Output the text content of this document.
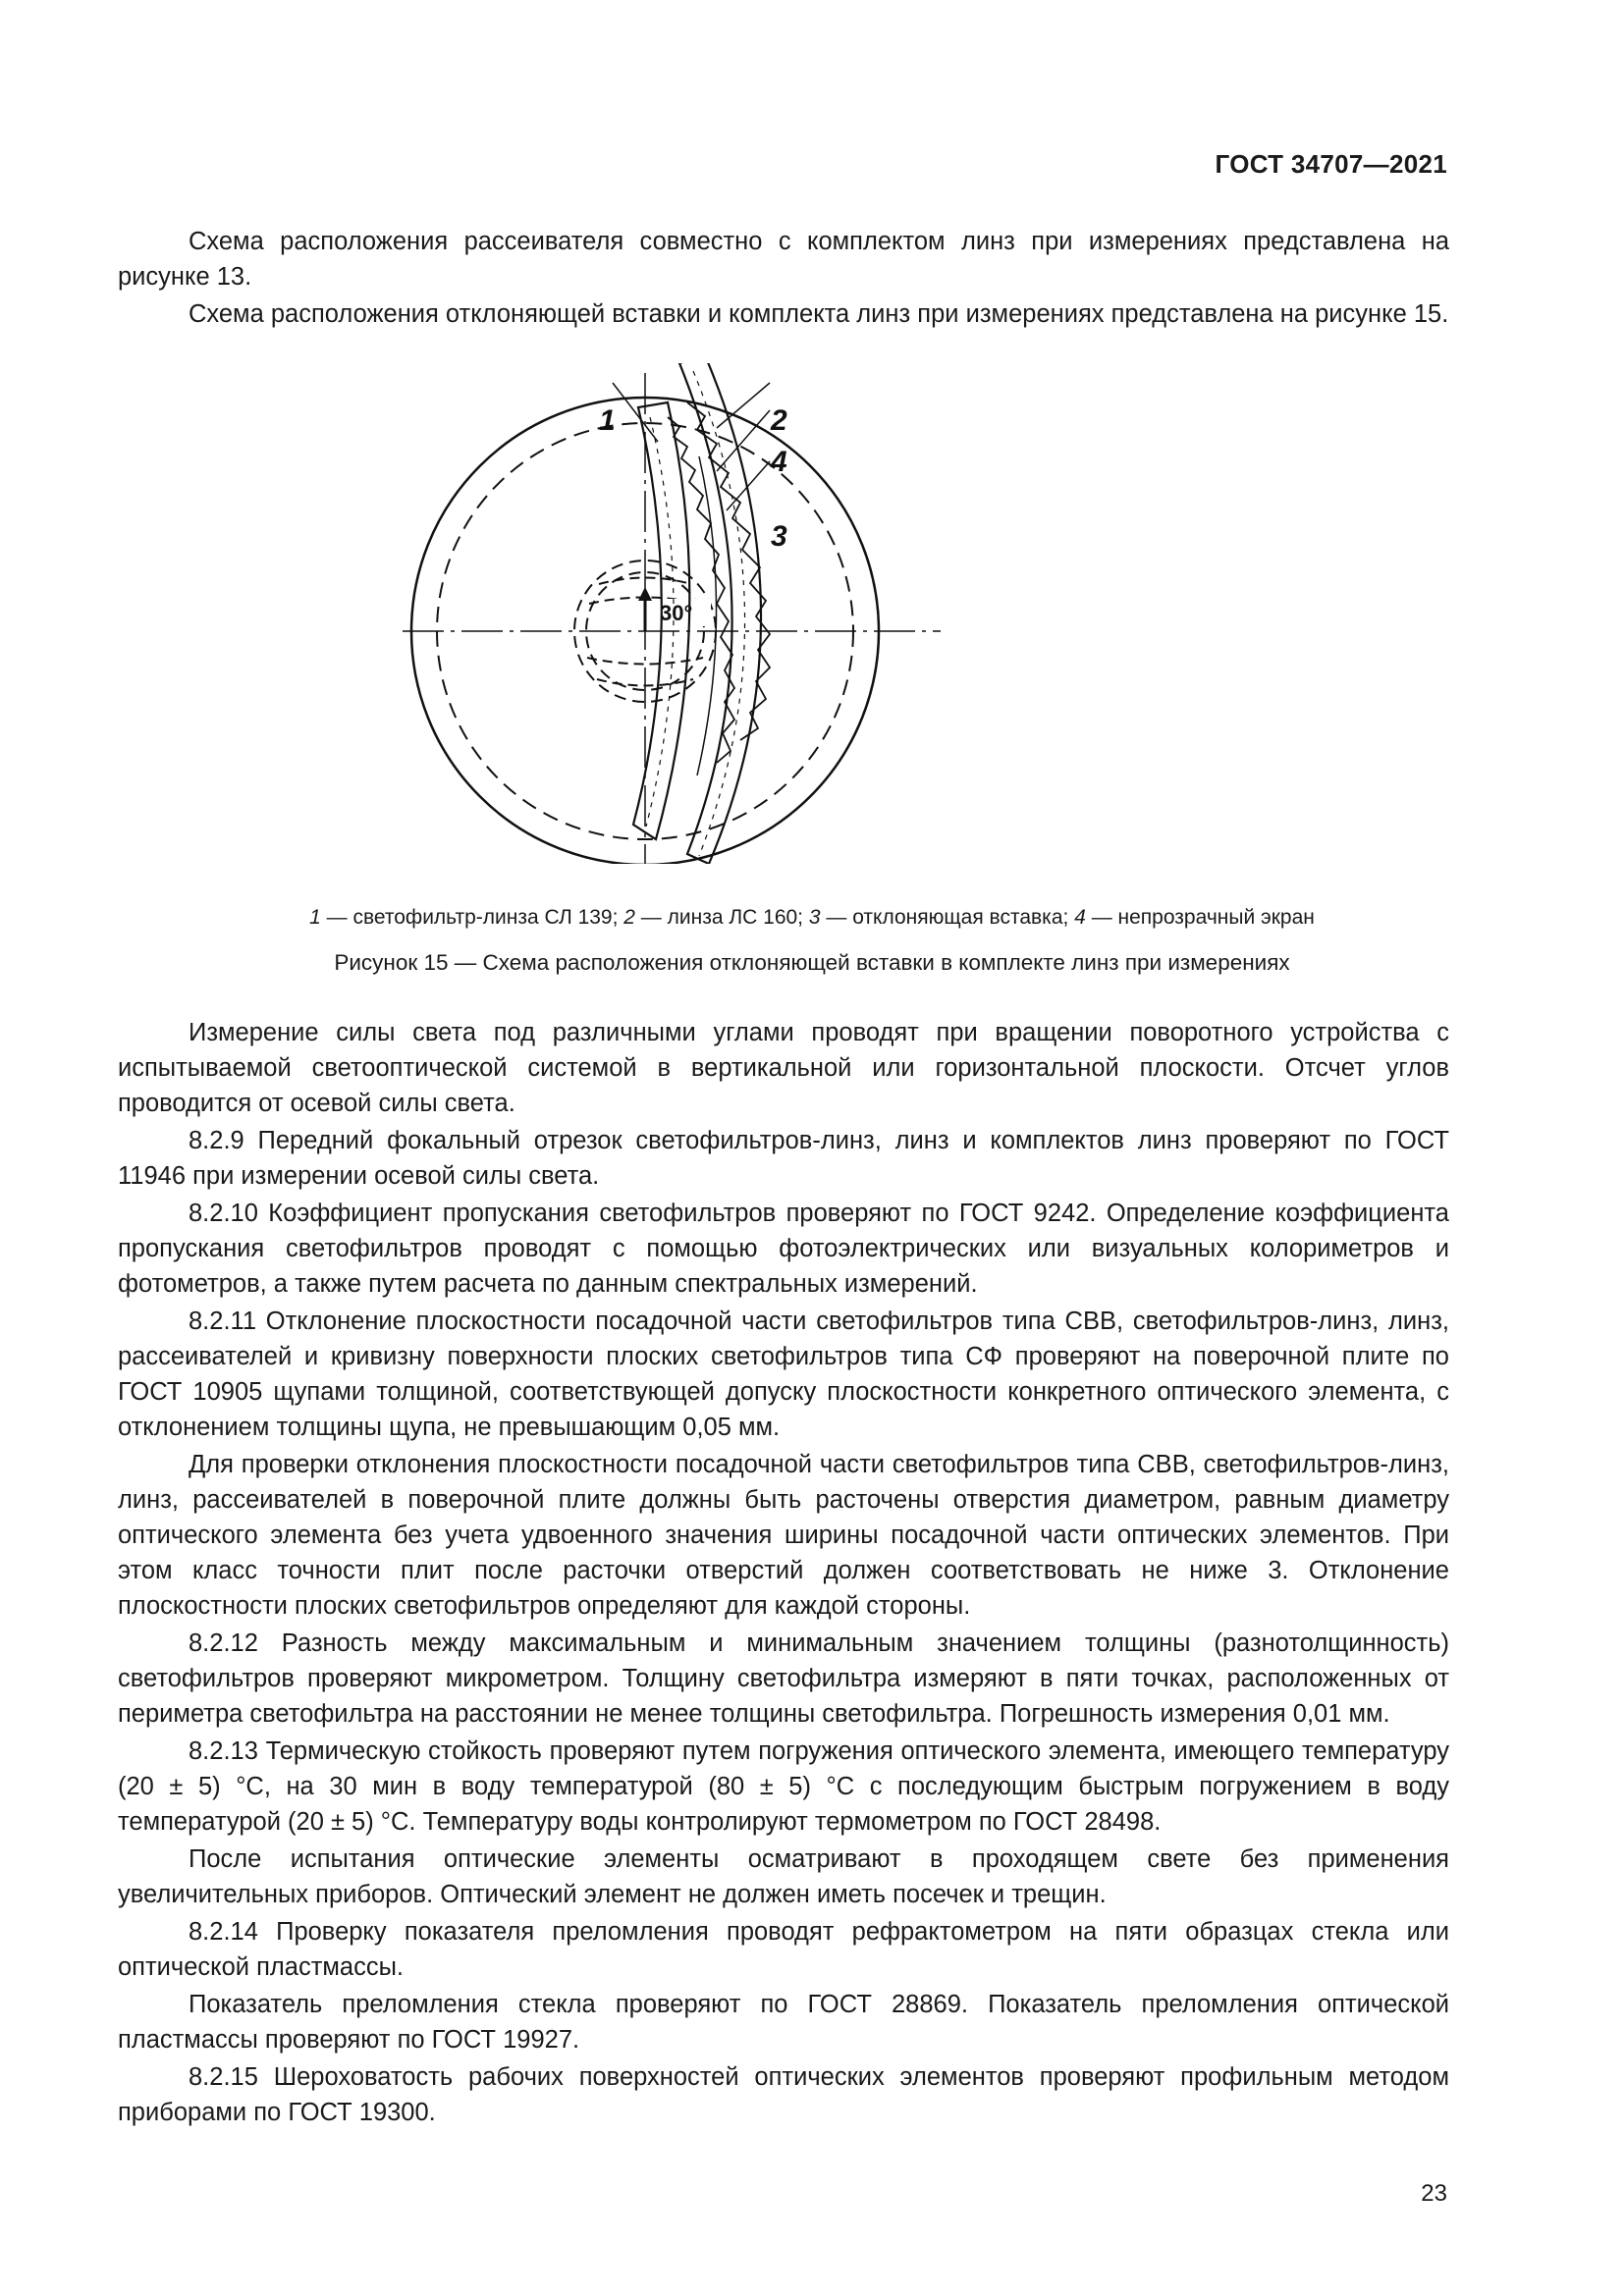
ГОСТ 34707—2021

Схема расположения рассеивателя совместно с комплектом линз при измерениях представлена на рисунке 13.

Схема расположения отклоняющей вставки и комплекта линз при измерениях представлена на рисунке 15.

30°
1	2
4
3
1 — светофильтр-линза СЛ 139; 2 — линза ЛС 160; 3 — отклоняющая вставка; 4 — непрозрачный экран
Рисунок 15 — Схема расположения отклоняющей вставки в комплекте линз при измерениях

Измерение силы света под различными углами проводят при вращении поворотного устройства с испытываемой светооптической системой в вертикальной или горизонтальной плоскости. Отсчет углов проводится от осевой силы света.

8.2.9 Передний фокальный отрезок светофильтров-линз, линз и комплектов линз проверяют по ГОСТ 11946 при измерении осевой силы света.

8.2.10 Коэффициент пропускания светофильтров проверяют по ГОСТ 9242. Определение коэффициента пропускания светофильтров проводят с помощью фотоэлектрических или визуальных колориметров и фотометров, а также путем расчета по данным спектральных измерений.

8.2.11 Отклонение плоскостности посадочной части светофильтров типа СВВ, светофильтров-линз, линз, рассеивателей и кривизну поверхности плоских светофильтров типа СФ проверяют на поверочной плите по ГОСТ 10905 щупами толщиной, соответствующей допуску плоскостности конкретного оптического элемента, с отклонением толщины щупа, не превышающим 0,05 мм.

Для проверки отклонения плоскостности посадочной части светофильтров типа СВВ, светофильтров-линз, линз, рассеивателей в поверочной плите должны быть расточены отверстия диаметром, равным диаметру оптического элемента без учета удвоенного значения ширины посадочной части оптических элементов. При этом класс точности плит после расточки отверстий должен соответствовать не ниже 3. Отклонение плоскостности плоских светофильтров определяют для каждой стороны.

8.2.12 Разность между максимальным и минимальным значением толщины (разнотолщинность) светофильтров проверяют микрометром. Толщину светофильтра измеряют в пяти точках, расположенных от периметра светофильтра на расстоянии не менее толщины светофильтра. Погрешность измерения 0,01 мм.

8.2.13 Термическую стойкость проверяют путем погружения оптического элемента, имеющего температуру (20 ± 5) °С, на 30 мин в воду температурой (80 ± 5) °С с последующим быстрым погружением в воду температурой (20 ± 5) °С. Температуру воды контролируют термометром по ГОСТ 28498.

После испытания оптические элементы осматривают в проходящем свете без применения увеличительных приборов. Оптический элемент не должен иметь посечек и трещин.

8.2.14 Проверку показателя преломления проводят рефрактометром на пяти образцах стекла или оптической пластмассы.

Показатель преломления стекла проверяют по ГОСТ 28869. Показатель преломления оптической пластмассы проверяют по ГОСТ 19927.

8.2.15 Шероховатость рабочих поверхностей оптических элементов проверяют профильным методом приборами по ГОСТ 19300.

23
